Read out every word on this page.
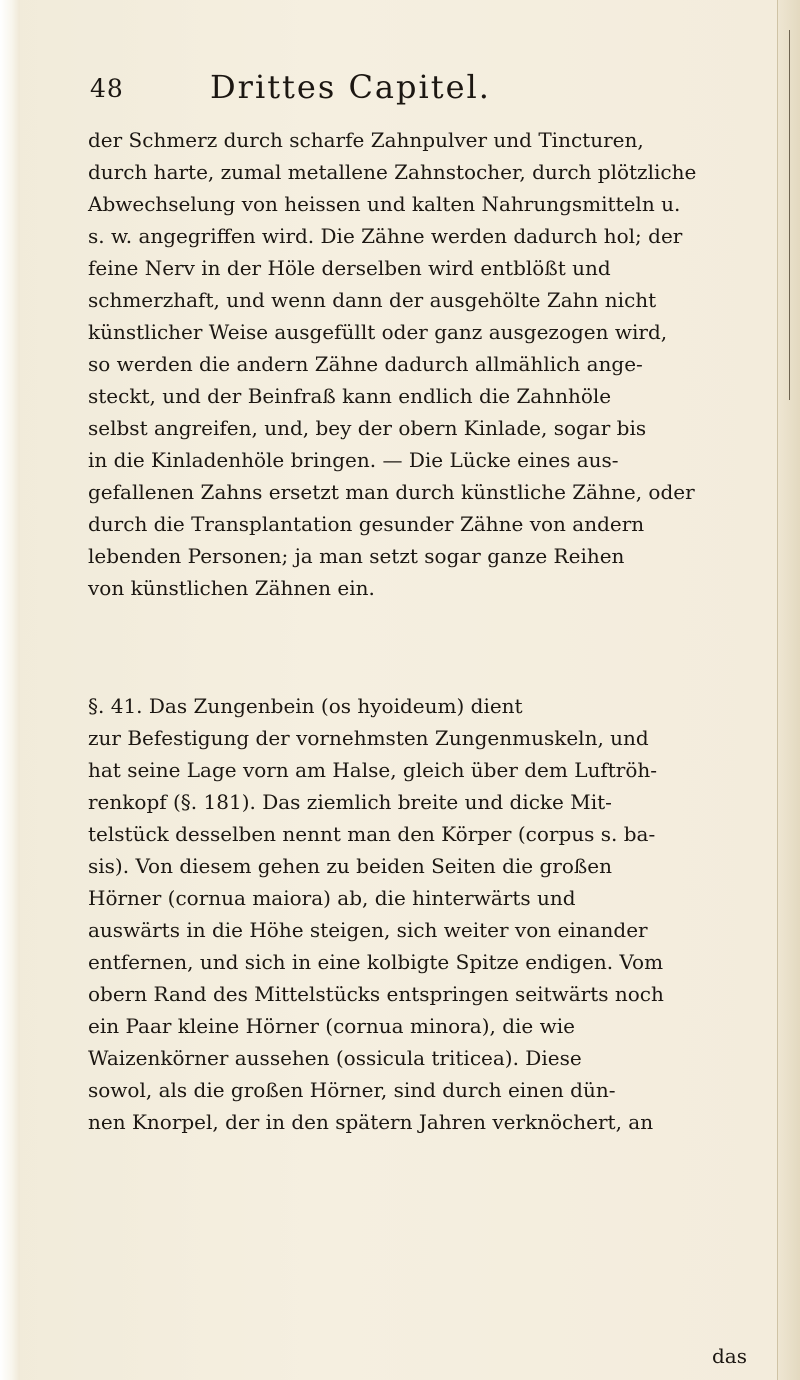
48	Drittes Capitel.
der Schmerz durch scharfe Zahnpulver und Tincturen,
durch harte, zumal metallene Zahnstocher, durch plötzliche
Abwechselung von heissen und kalten Nahrungsmitteln u.
s. w. angegriffen wird. Die Zähne werden dadurch hol; der
feine Nerv in der Höle derselben wird entblößt und
schmerzhaft, und wenn dann der ausgehölte Zahn nicht
künstlicher Weise ausgefüllt oder ganz ausgezogen wird,
so werden die andern Zähne dadurch allmählich ange-
steckt, und der Beinfraß kann endlich die Zahnhöle
selbst angreifen, und, bey der obern Kinlade, sogar bis
in die Kinladenhöle bringen. — Die Lücke eines aus-
gefallenen Zahns ersetzt man durch künstliche Zähne, oder
durch die Transplantation gesunder Zähne von andern
lebenden Personen; ja man setzt sogar ganze Reihen
von künstlichen Zähnen ein.
§. 41. Das Zungenbein (os hyoideum) dient
zur Befestigung der vornehmsten Zungenmuskeln, und
hat seine Lage vorn am Halse, gleich über dem Luftröh-
renkopf (§. 181). Das ziemlich breite und dicke Mit-
telstück desselben nennt man den Körper (corpus s. ba-
sis). Von diesem gehen zu beiden Seiten die großen
Hörner (cornua maiora) ab, die hinterwärts und
auswärts in die Höhe steigen, sich weiter von einander
entfernen, und sich in eine kolbigte Spitze endigen. Vom
obern Rand des Mittelstücks entspringen seitwärts noch
ein Paar kleine Hörner (cornua minora), die wie
Waizenkörner aussehen (ossicula triticea). Diese
sowol, als die großen Hörner, sind durch einen dün-
nen Knorpel, der in den spätern Jahren verknöchert, an
das
